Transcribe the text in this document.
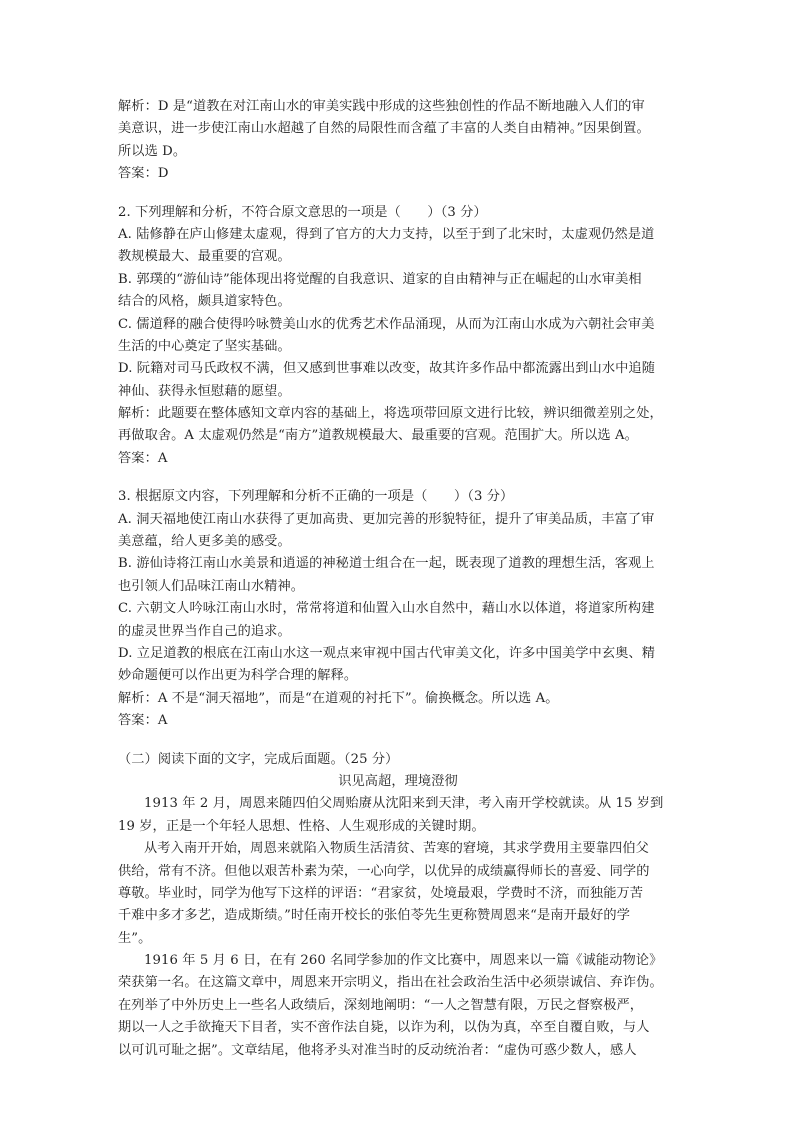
解析：D 是“道教在对江南山水的审美实践中形成的这些独创性的作品不断地融入人们的审
美意识，进一步使江南山水超越了自然的局限性而含蕴了丰富的人类自由精神。”因果倒置。
所以选 D。
答案：D
2. 下列理解和分析，不符合原文意思的一项是（　　）（3 分）
A. 陆修静在庐山修建太虚观，得到了官方的大力支持，以至于到了北宋时，太虚观仍然是道
教规模最大、最重要的宫观。
B. 郭璞的“游仙诗”能体现出将觉醒的自我意识、道家的自由精神与正在崛起的山水审美相
结合的风格，颇具道家特色。
C. 儒道释的融合使得吟咏赞美山水的优秀艺术作品涌现，从而为江南山水成为六朝社会审美
生活的中心奠定了坚实基础。
D. 阮籍对司马氏政权不满，但又感到世事难以改变，故其许多作品中都流露出到山水中追随
神仙、获得永恒慰藉的愿望。
解析：此题要在整体感知文章内容的基础上，将选项带回原文进行比较，辨识细微差别之处，
再做取舍。A 太虚观仍然是“南方”道教规模最大、最重要的宫观。范围扩大。所以选 A。
答案：A
3. 根据原文内容，下列理解和分析不正确的一项是（　　）（3 分）
A. 洞天福地使江南山水获得了更加高贵、更加完善的形貌特征，提升了审美品质，丰富了审
美意蕴，给人更多美的感受。
B. 游仙诗将江南山水美景和逍遥的神秘道士组合在一起，既表现了道教的理想生活，客观上
也引领人们品味江南山水精神。
C. 六朝文人吟咏江南山水时，常常将道和仙置入山水自然中，藉山水以体道，将道家所构建
的虚灵世界当作自己的追求。
D. 立足道教的根底在江南山水这一观点来审视中国古代审美文化，许多中国美学中玄奥、精
妙命题便可以作出更为科学合理的解释。
解析：A 不是“洞天福地”，而是“在道观的衬托下”。偷换概念。所以选 A。
答案：A
（二）阅读下面的文字，完成后面题。（25 分）
识见高超，理境澄彻
1913 年 2 月，周恩来随四伯父周贻赓从沈阳来到天津，考入南开学校就读。从 15 岁到
19 岁，正是一个年轻人思想、性格、人生观形成的关键时期。
从考入南开开始，周恩来就陷入物质生活清贫、苦寒的窘境，其求学费用主要靠四伯父
供给，常有不济。但他以艰苦朴素为荣，一心向学，以优异的成绩赢得师长的喜爱、同学的
尊敬。毕业时，同学为他写下这样的评语：“君家贫，处境最艰，学费时不济，而独能万苦
千难中多才多艺，造成斯绩。”时任南开校长的张伯苓先生更称赞周恩来“是南开最好的学
生”。
1916 年 5 月 6 日，在有 260 名同学参加的作文比赛中，周恩来以一篇《诚能动物论》
荣获第一名。在这篇文章中，周恩来开宗明义，指出在社会政治生活中必须崇诚信、弃诈伪。
在列举了中外历史上一些名人政绩后，深刻地阐明：“一人之智慧有限，万民之督察极严，
期以一人之手欲掩天下目者，实不啻作法自毙，以诈为利，以伪为真，卒至自覆自败，与人
以可讥可耻之据”。文章结尾，他将矛头对准当时的反动统治者：“虚伪可惑少数人，感人
